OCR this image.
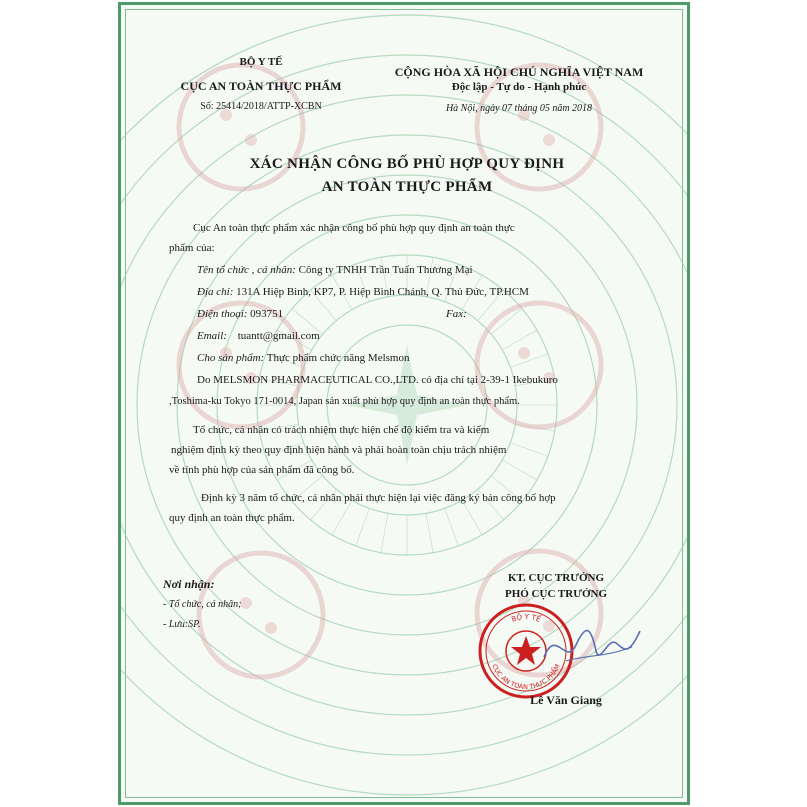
BỘ Y TẾ
CỤC AN TOÀN THỰC PHẨM
Số: 25414/2018/ATTP-XCBN
CỘNG HÒA XÃ HỘI CHỦ NGHĨA VIỆT NAM
Độc lập - Tự do - Hạnh phúc
Hà Nội, ngày 07 tháng 05 năm 2018
XÁC NHẬN CÔNG BỐ PHÙ HỢP QUY ĐỊNH
AN TOÀN THỰC PHẨM
Cục An toàn thực phẩm xác nhận công bố phù hợp quy định an toàn thực
phẩm của:
Tên tổ chức , cá nhân: Công ty TNHH Trần Tuấn Thương Mại
Địa chỉ: 131A Hiệp Bình, KP7, P. Hiệp Bình Chánh, Q. Thủ Đức, TP.HCM
Điện thoại: 093751	Fax:
Email: tuantt@gmail.com
Cho sản phẩm: Thực phẩm chức năng Melsmon
Do MELSMON PHARMACEUTICAL CO.,LTD. có địa chỉ tại 2-39-1 Ikebukuro
,Toshima-ku Tokyo 171-0014, Japan sản xuất phù hợp quy định an toàn thực phẩm.
Tổ chức, cá nhân có trách nhiệm thực hiện chế độ kiểm tra và kiểm
nghiệm định kỳ theo quy định hiện hành và phải hoàn toàn chịu trách nhiệm
về tính phù hợp của sản phẩm đã công bố.
Định kỳ 3 năm tổ chức, cá nhân phải thực hiện lại việc đăng ký bản công bố hợp
quy định an toàn thực phẩm.
Nơi nhận:
- Tổ chức, cá nhân;
- Lưu:SP.
KT. CỤC TRƯỞNG
PHÓ CỤC TRƯỞNG
BỘ Y TẾ
CỤC AN TOÀN THỰC PHẨM
Lê Văn Giang
